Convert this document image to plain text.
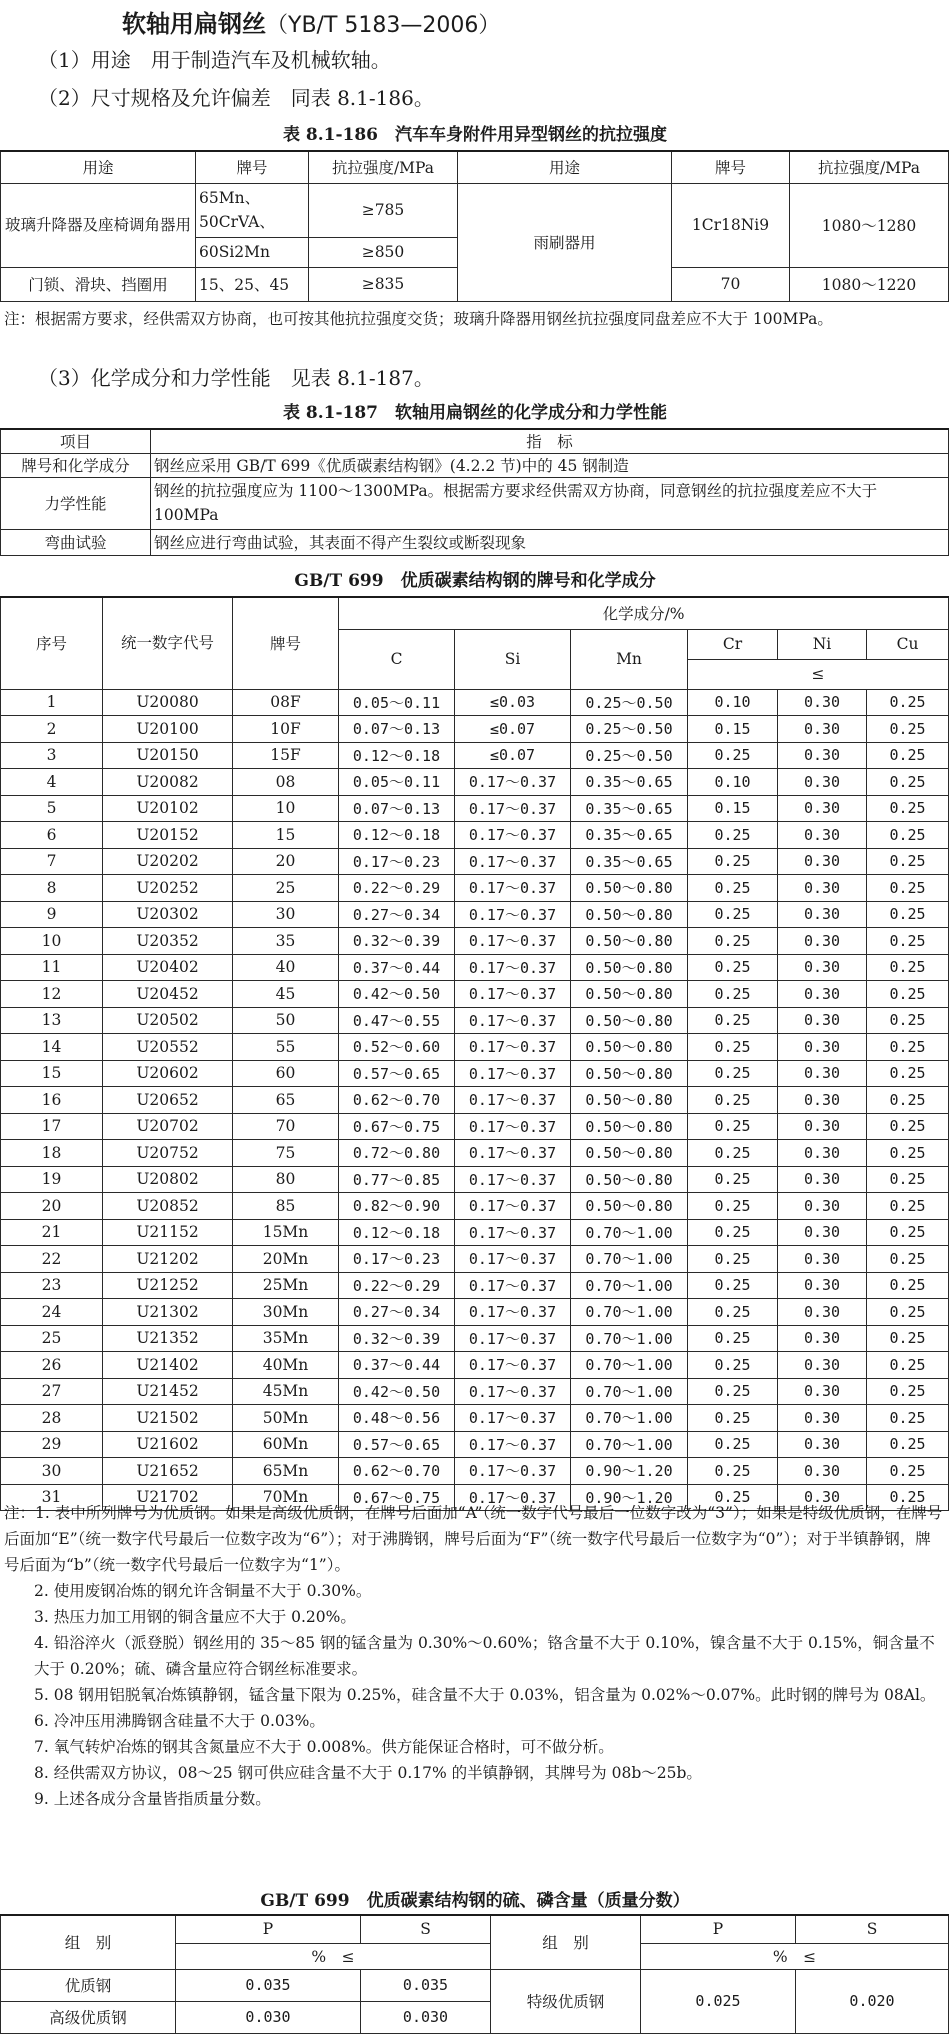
软轴用扁钢丝（YB/T 5183—2006）
（1）用途　用于制造汽车及机械软轴。
（2）尺寸规格及允许偏差　同表 8.1-186。
表 8.1-186　汽车车身附件用异型钢丝的抗拉强度
用途	牌号	抗拉强度/MPa	用途	牌号	抗拉强度/MPa
玻璃升降器及座椅调角器用	65Mn、
50CrVA、	≥785	雨刷器用	1Cr18Ni9	1080～1280
	60Si2Mn	≥850			
门锁、滑块、挡圈用	15、25、45	≥835		70	1080～1220
注：根据需方要求，经供需双方协商，也可按其他抗拉强度交货；玻璃升降器用钢丝抗拉强度同盘差应不大于 100MPa。
（3）化学成分和力学性能　见表 8.1-187。
表 8.1-187　软轴用扁钢丝的化学成分和力学性能
项目	指　标
牌号和化学成分	钢丝应采用 GB/T 699《优质碳素结构钢》(4.2.2 节)中的 45 钢制造
力学性能	钢丝的抗拉强度应为 1100～1300MPa。根据需方要求经供需双方协商，同意钢丝的抗拉强度差应不大于 100MPa
弯曲试验	钢丝应进行弯曲试验，其表面不得产生裂纹或断裂现象
GB/T 699　优质碳素结构钢的牌号和化学成分
序号	统一数字代号	牌号	化学成分/%					
			C	Si	Mn	Cr	Ni	Cu
						≤		
1	U20080	08F	0.05～0.11	≤0.03	0.25～0.50	0.10	0.30	0.25
2	U20100	10F	0.07～0.13	≤0.07	0.25～0.50	0.15	0.30	0.25
3	U20150	15F	0.12～0.18	≤0.07	0.25～0.50	0.25	0.30	0.25
4	U20082	08	0.05～0.11	0.17～0.37	0.35～0.65	0.10	0.30	0.25
5	U20102	10	0.07～0.13	0.17～0.37	0.35～0.65	0.15	0.30	0.25
6	U20152	15	0.12～0.18	0.17～0.37	0.35～0.65	0.25	0.30	0.25
7	U20202	20	0.17～0.23	0.17～0.37	0.35～0.65	0.25	0.30	0.25
8	U20252	25	0.22～0.29	0.17～0.37	0.50～0.80	0.25	0.30	0.25
9	U20302	30	0.27～0.34	0.17～0.37	0.50～0.80	0.25	0.30	0.25
10	U20352	35	0.32～0.39	0.17～0.37	0.50～0.80	0.25	0.30	0.25
11	U20402	40	0.37～0.44	0.17～0.37	0.50～0.80	0.25	0.30	0.25
12	U20452	45	0.42～0.50	0.17～0.37	0.50～0.80	0.25	0.30	0.25
13	U20502	50	0.47～0.55	0.17～0.37	0.50～0.80	0.25	0.30	0.25
14	U20552	55	0.52～0.60	0.17～0.37	0.50～0.80	0.25	0.30	0.25
15	U20602	60	0.57～0.65	0.17～0.37	0.50～0.80	0.25	0.30	0.25
16	U20652	65	0.62～0.70	0.17～0.37	0.50～0.80	0.25	0.30	0.25
17	U20702	70	0.67～0.75	0.17～0.37	0.50～0.80	0.25	0.30	0.25
18	U20752	75	0.72～0.80	0.17～0.37	0.50～0.80	0.25	0.30	0.25
19	U20802	80	0.77～0.85	0.17～0.37	0.50～0.80	0.25	0.30	0.25
20	U20852	85	0.82～0.90	0.17～0.37	0.50～0.80	0.25	0.30	0.25
21	U21152	15Mn	0.12～0.18	0.17～0.37	0.70～1.00	0.25	0.30	0.25
22	U21202	20Mn	0.17～0.23	0.17～0.37	0.70～1.00	0.25	0.30	0.25
23	U21252	25Mn	0.22～0.29	0.17～0.37	0.70～1.00	0.25	0.30	0.25
24	U21302	30Mn	0.27～0.34	0.17～0.37	0.70～1.00	0.25	0.30	0.25
25	U21352	35Mn	0.32～0.39	0.17～0.37	0.70～1.00	0.25	0.30	0.25
26	U21402	40Mn	0.37～0.44	0.17～0.37	0.70～1.00	0.25	0.30	0.25
27	U21452	45Mn	0.42～0.50	0.17～0.37	0.70～1.00	0.25	0.30	0.25
28	U21502	50Mn	0.48～0.56	0.17～0.37	0.70～1.00	0.25	0.30	0.25
29	U21602	60Mn	0.57～0.65	0.17～0.37	0.70～1.00	0.25	0.30	0.25
30	U21652	65Mn	0.62～0.70	0.17～0.37	0.90～1.20	0.25	0.30	0.25
31	U21702	70Mn	0.67～0.75	0.17～0.37	0.90～1.20	0.25	0.30	0.25
注：1. 表中所列牌号为优质钢。如果是高级优质钢，在牌号后面加“A”（统一数字代号最后一位数字改为“3”）；如果是特级优质钢，在牌号后面加“E”（统一数字代号最后一位数字改为“6”）；对于沸腾钢，牌号后面为“F”（统一数字代号最后一位数字为“0”）；对于半镇静钢，牌号后面为“b”（统一数字代号最后一位数字为“1”）。
2. 使用废钢冶炼的钢允许含铜量不大于 0.30%。
3. 热压力加工用钢的铜含量应不大于 0.20%。
4. 铅浴淬火（派登脱）钢丝用的 35～85 钢的锰含量为 0.30%～0.60%；铬含量不大于 0.10%，镍含量不大于 0.15%，铜含量不大于 0.20%；硫、磷含量应符合钢丝标准要求。
5. 08 钢用铝脱氧冶炼镇静钢，锰含量下限为 0.25%，硅含量不大于 0.03%，铝含量为 0.02%～0.07%。此时钢的牌号为 08Al。
6. 冷冲压用沸腾钢含硅量不大于 0.03%。
7. 氧气转炉冶炼的钢其含氮量应不大于 0.008%。供方能保证合格时，可不做分析。
8. 经供需双方协议，08～25 钢可供应硅含量不大于 0.17% 的半镇静钢，其牌号为 08b～25b。
9. 上述各成分含量皆指质量分数。
GB/T 699　优质碳素结构钢的硫、磷含量（质量分数）
组　别	P	S	组　别	P	S
	%　≤			%　≤	
优质钢	0.035	0.035	特级优质钢	0.025	0.020
高级优质钢	0.030	0.030			
